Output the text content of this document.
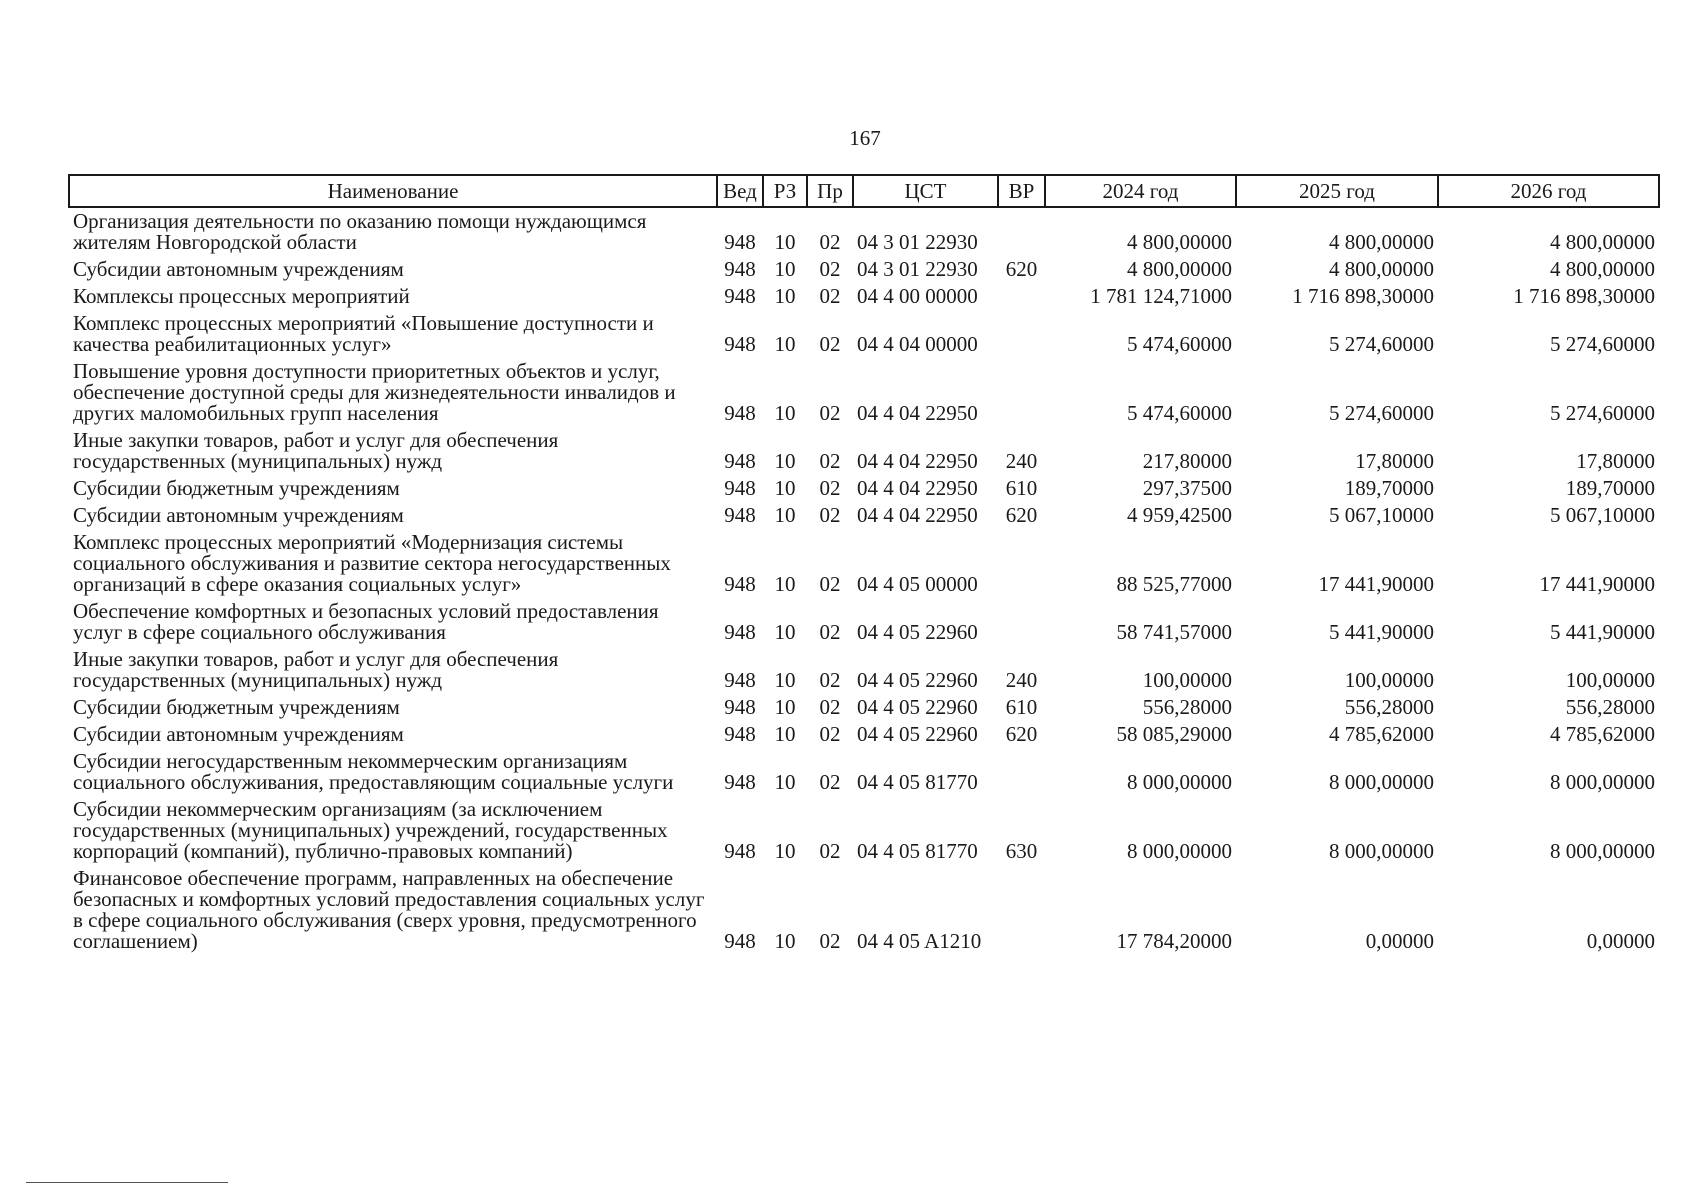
167
Наименование	Вед	РЗ	Пр	ЦСТ	ВР	2024 год	2025 год	2026 год
Организация деятельности по оказанию помощи нуждающимся жителям Новгородской области	948	10	02	04 3 01 22930		4 800,00000	4 800,00000	4 800,00000
Субсидии автономным учреждениям	948	10	02	04 3 01 22930	620	4 800,00000	4 800,00000	4 800,00000
Комплексы процессных мероприятий	948	10	02	04 4 00 00000		1 781 124,71000	1 716 898,30000	1 716 898,30000
Комплекс процессных мероприятий «Повышение доступности и качества реабилитационных услуг»	948	10	02	04 4 04 00000		5 474,60000	5 274,60000	5 274,60000
Повышение уровня доступности приоритетных объектов и услуг, обеспечение доступной среды для жизнедеятельности инвалидов и других маломобильных групп населения	948	10	02	04 4 04 22950		5 474,60000	5 274,60000	5 274,60000
Иные закупки товаров, работ и услуг для обеспечения государственных (муниципальных) нужд	948	10	02	04 4 04 22950	240	217,80000	17,80000	17,80000
Субсидии бюджетным учреждениям	948	10	02	04 4 04 22950	610	297,37500	189,70000	189,70000
Субсидии автономным учреждениям	948	10	02	04 4 04 22950	620	4 959,42500	5 067,10000	5 067,10000
Комплекс процессных мероприятий «Модернизация системы социального обслуживания и развитие сектора негосударственных организаций в сфере оказания социальных услуг»	948	10	02	04 4 05 00000		88 525,77000	17 441,90000	17 441,90000
Обеспечение комфортных и безопасных условий предоставления услуг в сфере социального обслуживания	948	10	02	04 4 05 22960		58 741,57000	5 441,90000	5 441,90000
Иные закупки товаров, работ и услуг для обеспечения государственных (муниципальных) нужд	948	10	02	04 4 05 22960	240	100,00000	100,00000	100,00000
Субсидии бюджетным учреждениям	948	10	02	04 4 05 22960	610	556,28000	556,28000	556,28000
Субсидии автономным учреждениям	948	10	02	04 4 05 22960	620	58 085,29000	4 785,62000	4 785,62000
Субсидии негосударственным некоммерческим организациям социального обслуживания, предоставляющим социальные услуги	948	10	02	04 4 05 81770		8 000,00000	8 000,00000	8 000,00000
Субсидии некоммерческим организациям (за исключением государственных (муниципальных) учреждений, государственных корпораций (компаний), публично-правовых компаний)	948	10	02	04 4 05 81770	630	8 000,00000	8 000,00000	8 000,00000
Финансовое обеспечение программ, направленных на обеспечение безопасных и комфортных условий предоставления социальных услуг в сфере социального обслуживания (сверх уровня, предусмотренного соглашением)	948	10	02	04 4 05 A1210		17 784,20000	0,00000	0,00000
